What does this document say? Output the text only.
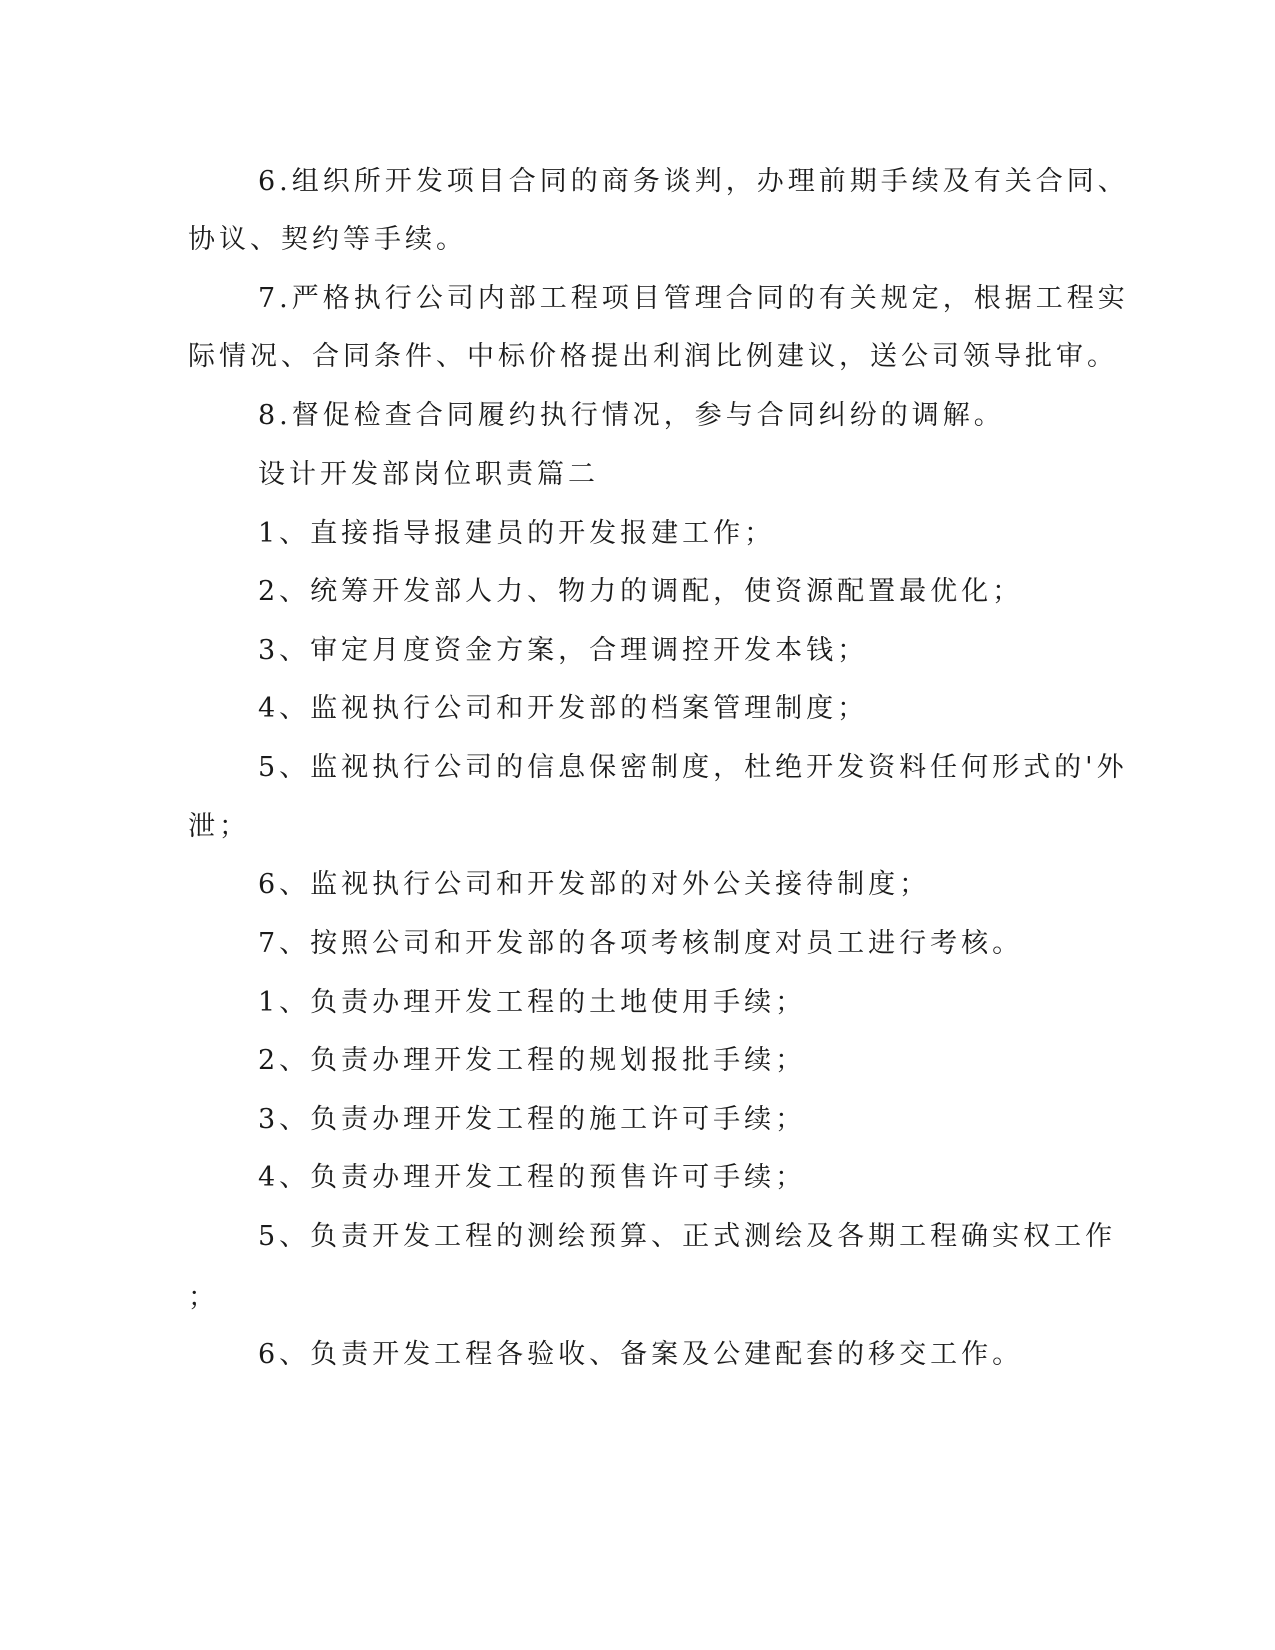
6.组织所开发项目合同的商务谈判，办理前期手续及有关合同、
协议、契约等手续。
7.严格执行公司内部工程项目管理合同的有关规定，根据工程实
际情况、合同条件、中标价格提出利润比例建议，送公司领导批审。
8.督促检查合同履约执行情况，参与合同纠纷的调解。
设计开发部岗位职责篇二
1、直接指导报建员的开发报建工作；
2、统筹开发部人力、物力的调配，使资源配置最优化；
3、审定月度资金方案，合理调控开发本钱；
4、监视执行公司和开发部的档案管理制度；
5、监视执行公司的信息保密制度，杜绝开发资料任何形式的'外
泄；
6、监视执行公司和开发部的对外公关接待制度；
7、按照公司和开发部的各项考核制度对员工进行考核。
1、负责办理开发工程的土地使用手续；
2、负责办理开发工程的规划报批手续；
3、负责办理开发工程的施工许可手续；
4、负责办理开发工程的预售许可手续；
5、负责开发工程的测绘预算、正式测绘及各期工程确实权工作
；
6、负责开发工程各验收、备案及公建配套的移交工作。
